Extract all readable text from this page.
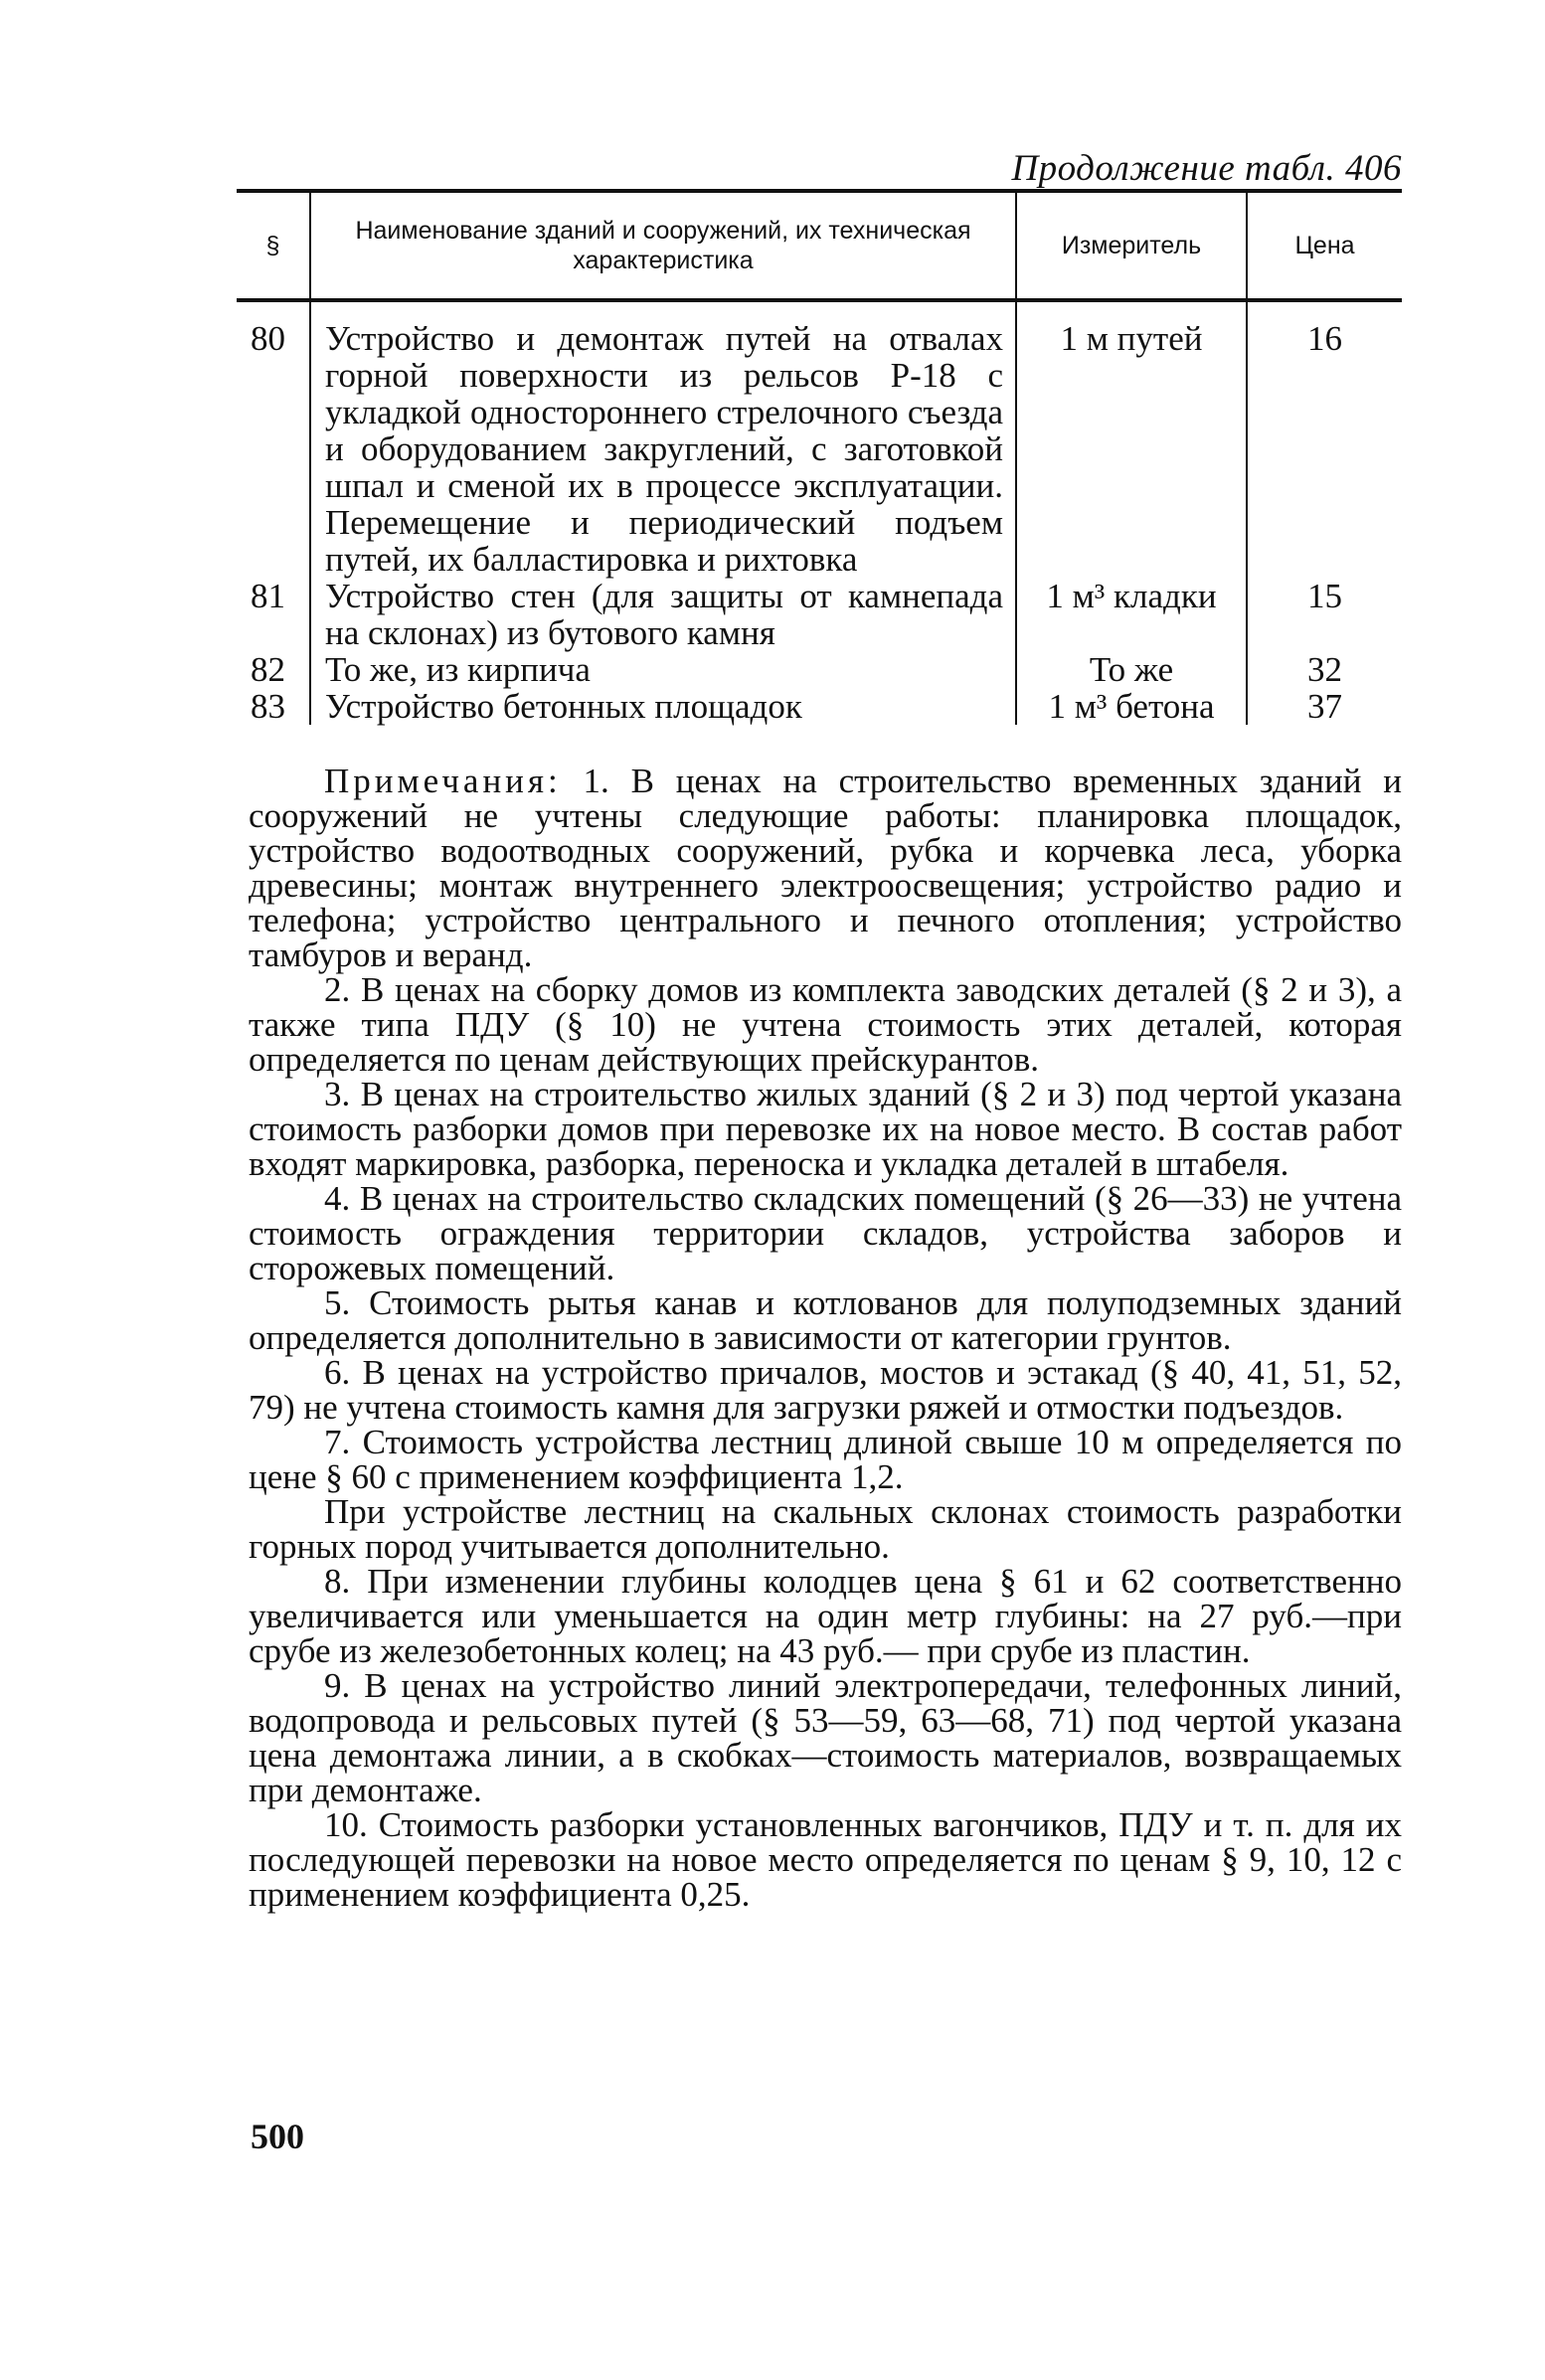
Продолжение табл. 406
§	Наименование зданий и сооружений, их техническая характеристика	Измеритель	Цена
80	Устройство и демонтаж путей на отвалах горной поверхности из рельсов Р-18 с укладкой одностороннего стрелочного съезда и оборудованием закруглений, с заготовкой шпал и сменой их в процессе эксплуатации. Перемещение и периодический подъем путей, их балластировка и рихтовка	1 м путей	16
81	Устройство стен (для защиты от камнепада на склонах) из бутового камня	1 м³ кладки	15
82	То же, из кирпича	То же	32
83	Устройство бетонных площадок	1 м³ бетона	37

Примечания: 1. В ценах на строительство временных зданий и сооружений не учтены следующие работы: планировка площадок, устройство водоотводных сооружений, рубка и корчевка леса, уборка древесины; монтаж внутреннего электроосвещения; устройство радио и телефона; устройство центрального и печного отопления; устройство тамбуров и веранд.

2. В ценах на сборку домов из комплекта заводских деталей (§ 2 и 3), а также типа ПДУ (§ 10) не учтена стоимость этих деталей, которая определяется по ценам действующих прейскурантов.

3. В ценах на строительство жилых зданий (§ 2 и 3) под чертой указана стоимость разборки домов при перевозке их на новое место. В состав работ входят маркировка, разборка, переноска и укладка деталей в штабеля.

4. В ценах на строительство складских помещений (§ 26—33) не учтена стоимость ограждения территории складов, устройства заборов и сторожевых помещений.

5. Стоимость рытья канав и котлованов для полуподземных зданий определяется дополнительно в зависимости от категории грунтов.

6. В ценах на устройство причалов, мостов и эстакад (§ 40, 41, 51, 52, 79) не учтена стоимость камня для загрузки ряжей и отмостки подъездов.

7. Стоимость устройства лестниц длиной свыше 10 м определяется по цене § 60 с применением коэффициента 1,2.

При устройстве лестниц на скальных склонах стоимость разработки горных пород учитывается дополнительно.

8. При изменении глубины колодцев цена § 61 и 62 соответственно увеличивается или уменьшается на один метр глубины: на 27 руб.—при срубе из железобетонных колец; на 43 руб.— при срубе из пластин.

9. В ценах на устройство линий электропередачи, телефонных линий, водопровода и рельсовых путей (§ 53—59, 63—68, 71) под чертой указана цена демонтажа линии, а в скобках—стоимость материалов, возвращаемых при демонтаже.

10. Стоимость разборки установленных вагончиков, ПДУ и т. п. для их последующей перевозки на новое место определяется по ценам § 9, 10, 12 с применением коэффициента 0,25.

500
